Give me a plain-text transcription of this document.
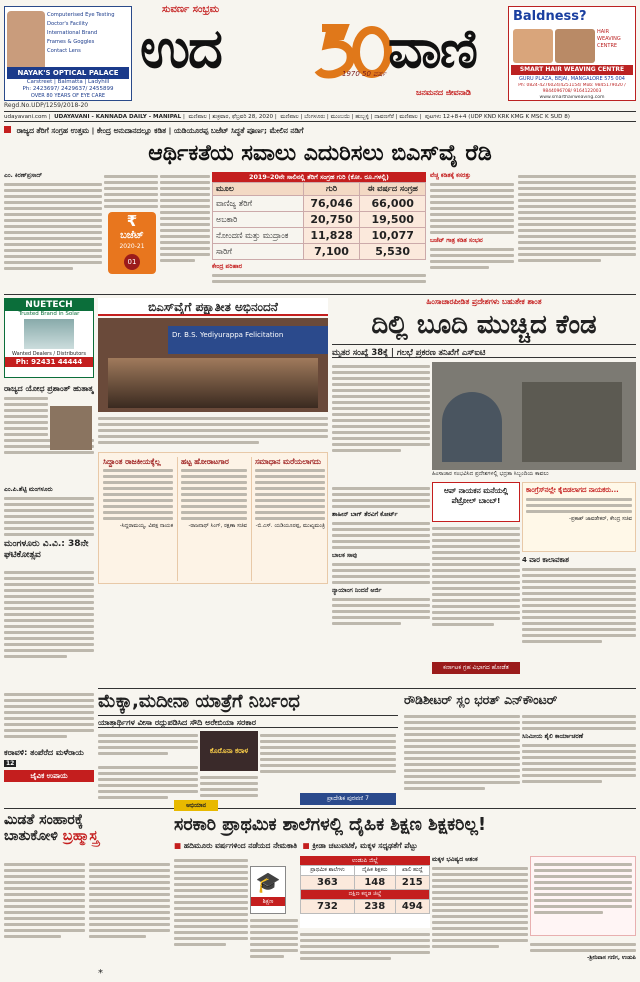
Computerised Eye Testing
Doctor's Facility
International Brand
Frames & Goggles
Contact Lens
NAYAK'S OPTICAL PALACE
Carstreet | Balmatta | Ladyhill
Ph: 2423697/ 2429637/ 2455899
OVER 80 YEARS OF EYE CARE
ಸುವರ್ಣ ಸಂಭ್ರಮ
ಉದ	1970 50 ವರ್ಷ ವಾಣಿ
ಜನಮನದ ಜೀವನಾಡಿ
Baldness?
HAIR WEAVING CENTRE
SMART HAIR WEAVING CENTRE
GURU PLAZA, BEJAI, MANGALORE 575 004
Ph: 0824-4276024/4251154/ Mob: 9845179020 / 9844096708/ 9164122003
www.smarthairweaving.com
Regd.No.UDP/1259/2018-20
udayavani.com |  UDAYAVANI - KANNADA DAILY - MANIPAL |  ಮಣಿಪಾಲ | ಶುಕ್ರವಾರ, ಫೆಬ್ರವರಿ 28, 2020 |  ಮಣಿಪಾಲ | ಬೆಂಗಳೂರು | ಮುಂಬಯಿ | ಹುಬ್ಬಳ್ಳಿ | ದಾವಣಗೆರೆ | ಮಣಿಪಾಲ |  ಪುಟಗಳು 12+8+4 (UDP KND KRK KMG K MSC K SUD 8)
ರಾಜ್ಯದ ತೆರಿಗೆ ಸಂಗ್ರಹ ಉತ್ತಮ | ಕೇಂದ್ರ ಅನುದಾನದಲ್ಲೂ ಕಡಿತ | ಯಡಿಯೂರಪ್ಪ ಬಜೆಟ್ ಸಿದ್ಧತೆ ಪೂರ್ಣ; ಮೇಲಿನ ನಡಿಗೆ
ಆರ್ಥಿಕತೆಯ ಸವಾಲು ಎದುರಿಸಲು ಬಿಎಸ್‌ವೈ ರೆಡಿ
ಎಂ. ಕಿರಣ್‌ಪ್ರಸಾದ್
₹
ಬಜೆಟ್
2020-21
01
2019–20ನೇ ಸಾಲಿನಲ್ಲಿ ತೆರಿಗೆ ಸಂಗ್ರಹ ಗುರಿ (ಕೋ. ರೂ.ಗಳಲ್ಲಿ)
ಮೂಲ	ಗುರಿ	ಈ ವರ್ಷದ ಸಂಗ್ರಹ
ವಾಣಿಜ್ಯ ತೆರಿಗೆ	76,046	66,000
ಅಬಕಾರಿ	20,750	19,500
ನೋಂದಣಿ ಮತ್ತು ಮುದ್ರಾಂಕ	11,828	10,077
ಸಾರಿಗೆ	7,100	5,530
ಕೇಂದ್ರ ಪರಿಹಾರ
ವೆಚ್ಚ ಕಡಿತಕ್ಕೆ ಕಸರತ್ತು
ಬಜೆಟ್ ಗಾತ್ರ ಕಡಿತ ಸಂಭವ
NUETECH
Trusted Brand in Solar
Wanted Dealers / Distributors
Ph: 92431 44444
ರಾಜ್ಯದ ಯೋಧ ಪ್ರಶಾಂತ್ ಹುತಾತ್ಮ
ಎಂ.ಪಿ.ಶೆಟ್ಟಿ ಮಂಗಳೂರು
ಮಂಗಳೂರು ವಿ.ವಿ.: 38ನೇ ಘಟಿಕೋತ್ಸವ
ಕರಾವಳಿ: ತಂಪೆರೆದ ಮಳೆರಾಯ 12
ಬಿಎಸ್‌ವೈಗೆ ಪಕ್ಷಾತೀತ ಅಭಿನಂದನೆ
Dr. B.S. Yediyurappa Felicitation
ಸಿದ್ದಾಂತ ರಾಜಕೀಯಕ್ಕೆಲ್ಲ
-ಸಿದ್ದರಾಮಯ್ಯ, ವಿಪಕ್ಷ ನಾಯಕ
ಹಟ್ಟ ಹೋರಾಟಗಾರ
-ರಾಜನಾಥ್ ಸಿಂಗ್, ರಕ್ಷಣಾ ಸಚಿವ
ಸಮಾಧಾನ ಮರೆಯಲಾಗದು
-ಬಿ.ಎಸ್. ಯಡಿಯೂರಪ್ಪ, ಮುಖ್ಯಮಂತ್ರಿ
ಹಿಂಸಾಚಾರಪೀಡಿತ ಪ್ರದೇಶಗಳು ಬಹುತೇಕ ಶಾಂತ
ದಿಲ್ಲಿ ಬೂದಿ ಮುಚ್ಚಿದ ಕೆಂಡ
ಮೃತರ ಸಂಖ್ಯೆ 38ಕ್ಕೆ | ಗಲಭೆ ಪ್ರಕರಣ ತನಿಖೆಗೆ ಎಸ್ಐಟಿ
ಹಿಂಸಾಚಾರ ಸಂಭವಿಸಿದ ಪ್ರದೇಶಗಳಲ್ಲಿ ಭದ್ರತಾ ಸಿಬ್ಬಂದಿಯ ಕಾವಲು
ಶಾಹೀನ್‌ ಬಾಗ್ ತೆರವಿಗೆ ಕೋರ್ಟ್
ಬಾಲಕ ಸಾವು
ನ್ಯಾಯಾಂಗ ನಿಂದನೆ ಅರ್ಜಿ
ಆಪ್ ನಾಯಕನ ಮನೆಯಲ್ಲಿ ಪೆಟ್ರೋಲ್ ಬಾಂಬ್!
ಕಾಂಗ್ರೆಸ್‌ನಲ್ಲೇ ಕೈಬಿಡಲಾಗದ ನಾಯಕರು...
-ಪ್ರಕಾಶ್ ಜಾವಡೇಕರ್, ಕೇಂದ್ರ ಸಚಿವ
4 ವಾರ ಕಾಲಾವಕಾಶ
ಕರ್ನಾಟಕ ಗ್ರಹ ವಿಭಾಗದ ಹೋಡೆತ
ಮೆಕ್ಕಾ,ಮದೀನಾ ಯಾತ್ರೆಗೆ ನಿರ್ಬಂಧ
ಯಾತ್ರಾರ್ಥಿಗಳ ವೀಸಾ ರದ್ದುಪಡಿಸಿದ ಸೌದಿ ಅರೇಬಿಯಾ ಸರಕಾರ
ಕೊರೊನಾ ಕರಾಳ
ಪ್ರಾದೇಶಿಕ ಪುರವಣಿ 7
ರೌಡಿಶೀಟರ್ ಸ್ಲಂ ಭರತ್ ಎನ್‌ಕೌಂಟರ್
ಸಿನಿಮೀಯ ಶೈಲಿ ಕಾರ್ಯಾಚರಣೆ
ಜೈವಿಕ ಉಪಾಯ
ಮಿಡತೆ ಸಂಹಾರಕ್ಕೆ
ಬಾತುಕೋಳಿ ಬ್ರಹ್ಮಾಸ್ತ್ರ
ಅಭಿಯಾನ
ಸರಕಾರಿ ಪ್ರಾಥಮಿಕ ಶಾಲೆಗಳಲ್ಲಿ ದೈಹಿಕ ಶಿಕ್ಷಣ ಶಿಕ್ಷಕರಿಲ್ಲ!
■ ಹದಿಮೂರು ವರ್ಷಗಳಿಂದ ನಡೆಯದ ನೇಮಕಾತಿ ■ ಕ್ರೀಡಾ ಚಟುವಟಿಕೆ, ಮಕ್ಕಳ ಸಧೃಢತೆಗೆ ಪೆಟ್ಟು
🎓
ಶಿಕ್ಷಣ
ಉಡುಪಿ ಜಿಲ್ಲೆ
ಪ್ರಾಥಮಿಕ ಶಾಲೆಗಳು	ದೈಹಿಕ ಶಿಕ್ಷಕರು	ಖಾಲಿ ಹುದ್ದೆ
363	148	215
ದಕ್ಷಿಣ ಕನ್ನಡ ಜಿಲ್ಲೆ		
732	238	494
ಮಕ್ಕಳ ಭವಿಷ್ಯದ ಆತಂಕ
-ಶ್ರೀನಿವಾಸ ಗಣಿಗ, ಉಡುಪಿ
*
